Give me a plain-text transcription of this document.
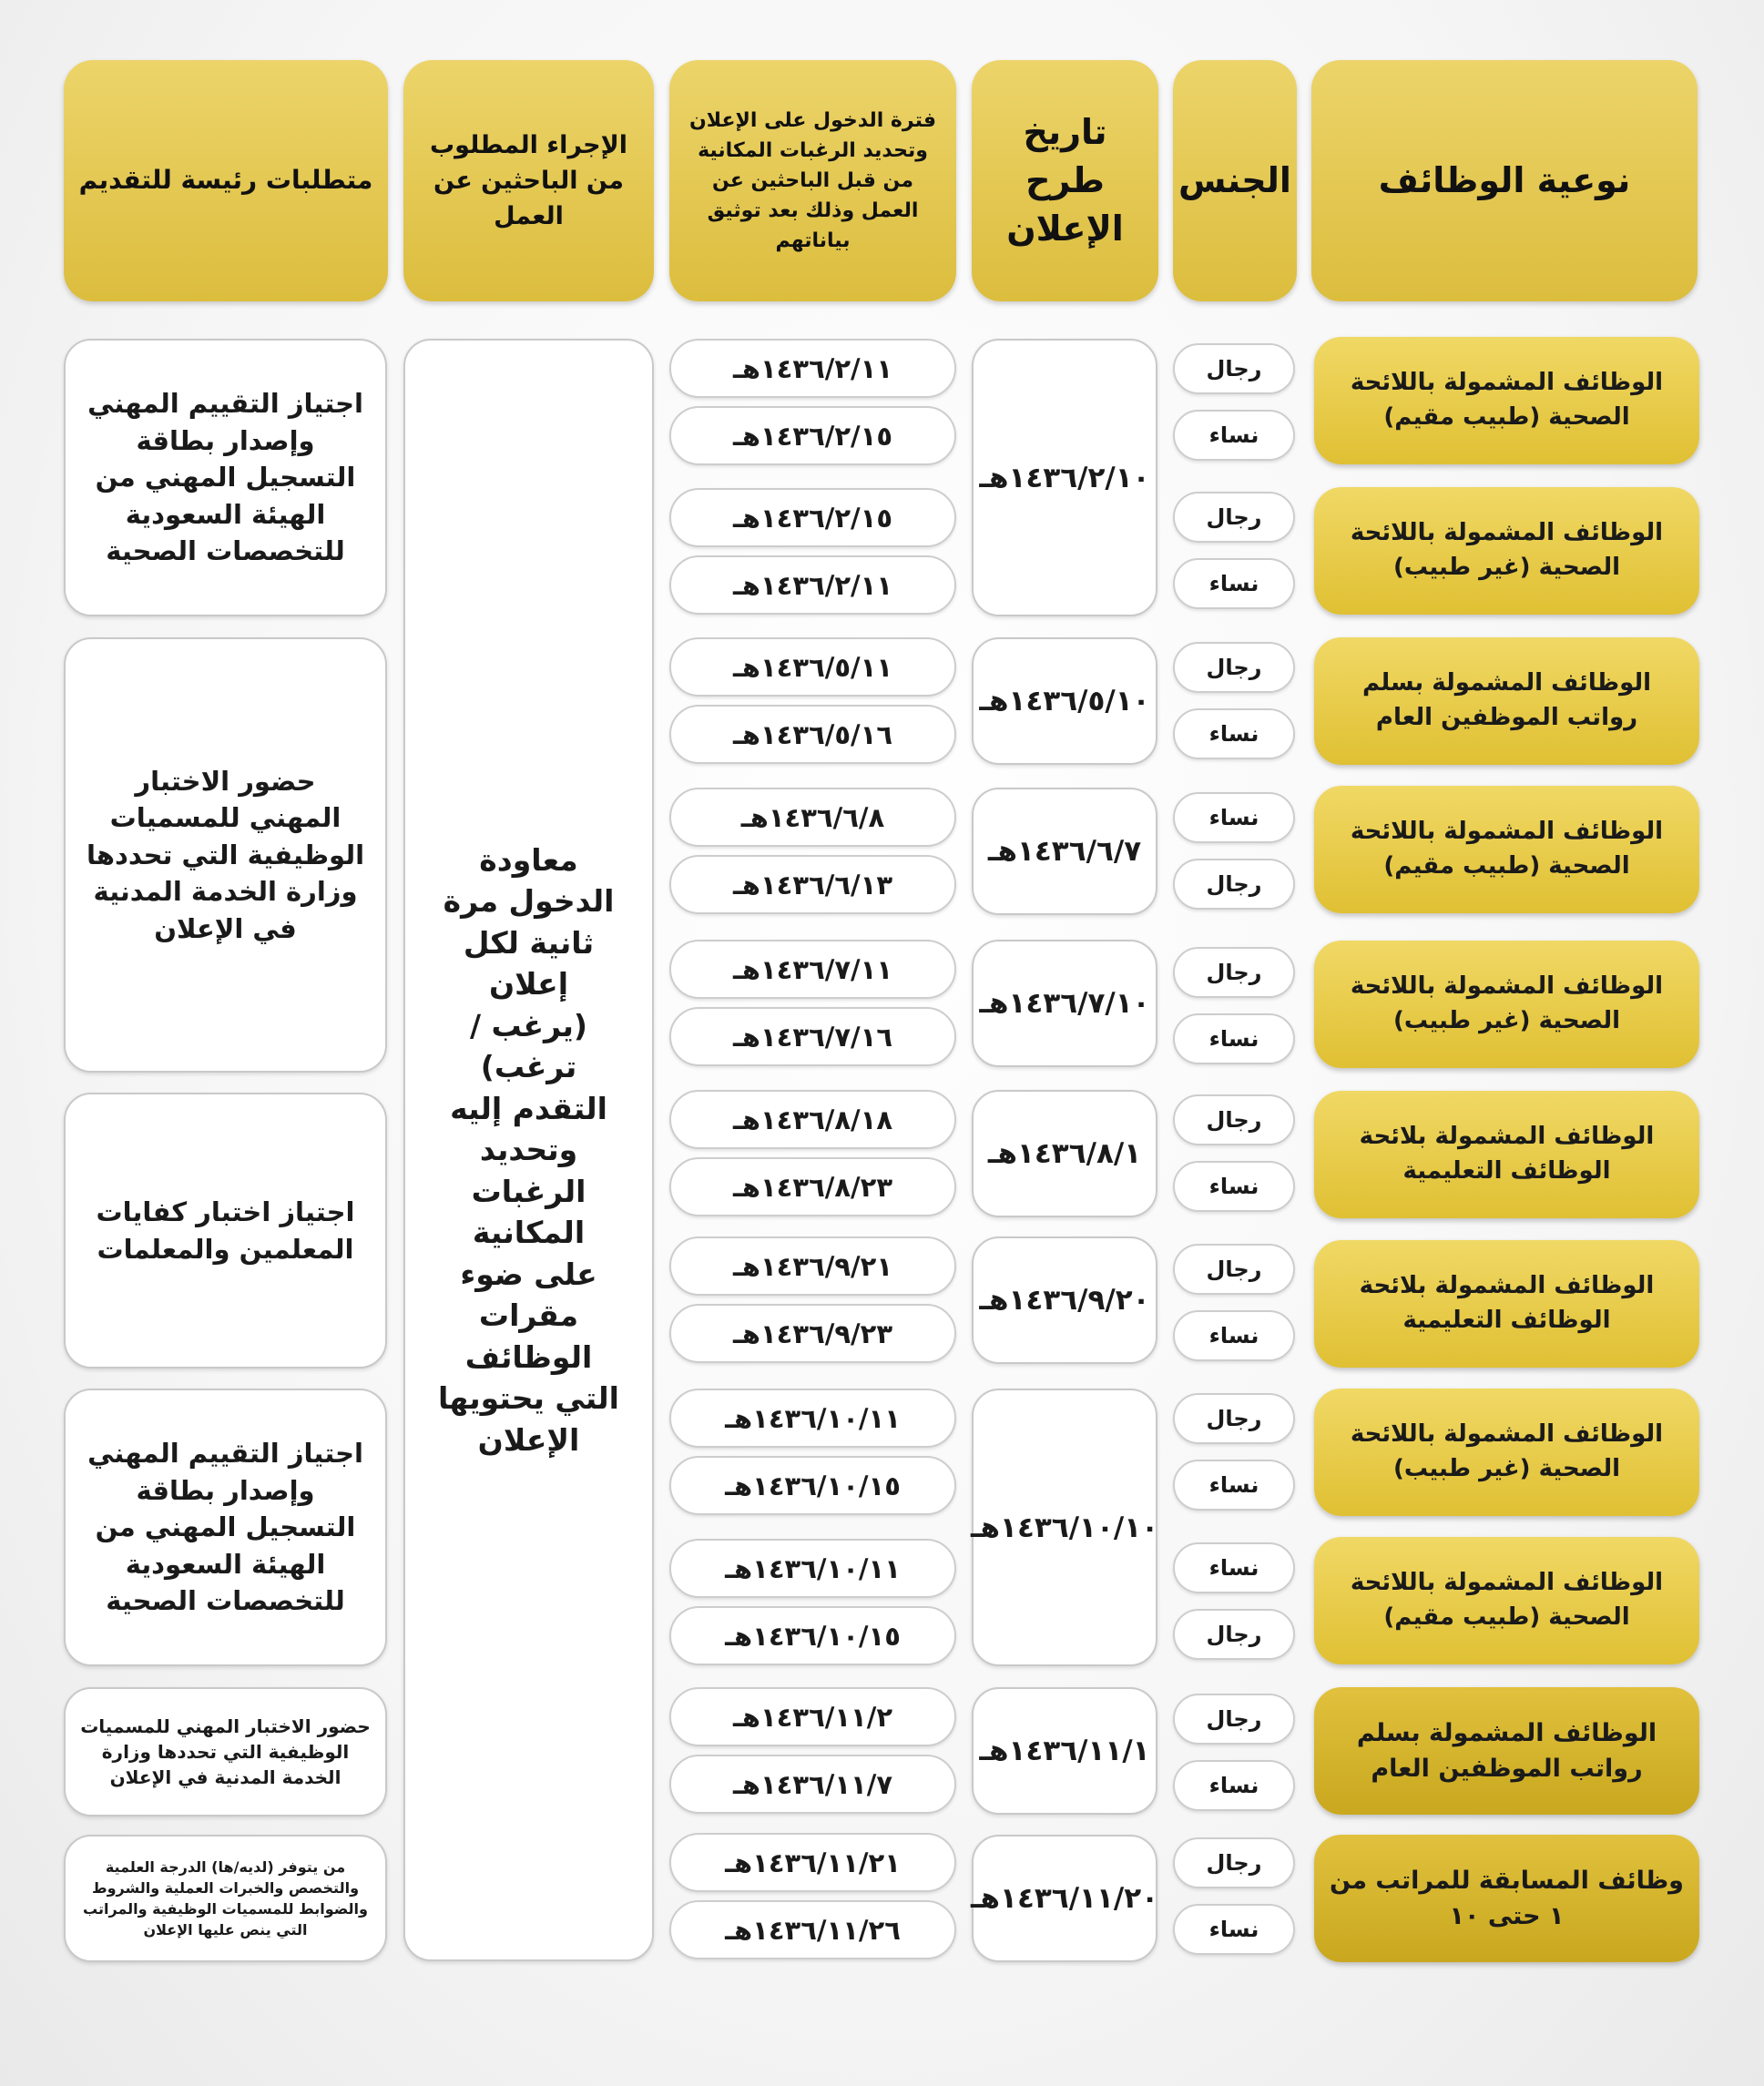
نوعية الوظائف
الجنس
تاريخ طرح الإعلان
فترة الدخول على الإعلان وتحديد الرغبات المكانية من قبل الباحثين عن العمل وذلك بعد توثيق بياناتهم
الإجراء المطلوب من الباحثين عن العمل
متطلبات رئيسة للتقديم
الوظائف المشمولة باللائحة الصحية (طبيب مقيم)
الوظائف المشمولة باللائحة الصحية (غير طبيب)
الوظائف المشمولة بسلم رواتب الموظفين العام
الوظائف المشمولة باللائحة الصحية (طبيب مقيم)
الوظائف المشمولة باللائحة الصحية (غير طبيب)
الوظائف المشمولة بلائحة الوظائف التعليمية
الوظائف المشمولة بلائحة الوظائف التعليمية
الوظائف المشمولة باللائحة الصحية (غير طبيب)
الوظائف المشمولة باللائحة الصحية (طبيب مقيم)
الوظائف المشمولة بسلم رواتب الموظفين العام
وظائف المسابقة للمراتب من ١ حتى ١٠
رجال
نساء
رجال
نساء
رجال
نساء
نساء
رجال
رجال
نساء
رجال
نساء
رجال
نساء
رجال
نساء
نساء
رجال
رجال
نساء
رجال
نساء
١٤٣٦/٢/١٠هـ
١٤٣٦/٥/١٠هـ
١٤٣٦/٦/٧هـ
١٤٣٦/٧/١٠هـ
١٤٣٦/٨/١هـ
١٤٣٦/٩/٢٠هـ
١٤٣٦/١٠/١٠هـ
١٤٣٦/١١/١هـ
١٤٣٦/١١/٢٠هـ
١٤٣٦/٢/١١هـ
١٤٣٦/٢/١٥هـ
١٤٣٦/٢/١٥هـ
١٤٣٦/٢/١١هـ
١٤٣٦/٥/١١هـ
١٤٣٦/٥/١٦هـ
١٤٣٦/٦/٨هـ
١٤٣٦/٦/١٣هـ
١٤٣٦/٧/١١هـ
١٤٣٦/٧/١٦هـ
١٤٣٦/٨/١٨هـ
١٤٣٦/٨/٢٣هـ
١٤٣٦/٩/٢١هـ
١٤٣٦/٩/٢٣هـ
١٤٣٦/١٠/١١هـ
١٤٣٦/١٠/١٥هـ
١٤٣٦/١٠/١١هـ
١٤٣٦/١٠/١٥هـ
١٤٣٦/١١/٢هـ
١٤٣٦/١١/٧هـ
١٤٣٦/١١/٢١هـ
١٤٣٦/١١/٢٦هـ
معاودة الدخول مرة ثانية لكل إعلان (يرغب / ترغب) التقدم إليه وتحديد الرغبات المكانية على ضوء مقرات الوظائف التي يحتويها الإعلان
اجتياز التقييم المهني وإصدار بطاقة التسجيل المهني من الهيئة السعودية للتخصصات الصحية
حضور الاختبار المهني للمسميات الوظيفية التي تحددها وزارة الخدمة المدنية في الإعلان
اجتياز اختبار كفايات المعلمين والمعلمات
اجتياز التقييم المهني وإصدار بطاقة التسجيل المهني من الهيئة السعودية للتخصصات الصحية
حضور الاختبار المهني للمسميات الوظيفية التي تحددها وزارة الخدمة المدنية في الإعلان
من يتوفر (لديه/ها) الدرجة العلمية والتخصص والخبرات العملية والشروط والضوابط للمسميات الوظيفية والمراتب التي ينص عليها الإعلان
